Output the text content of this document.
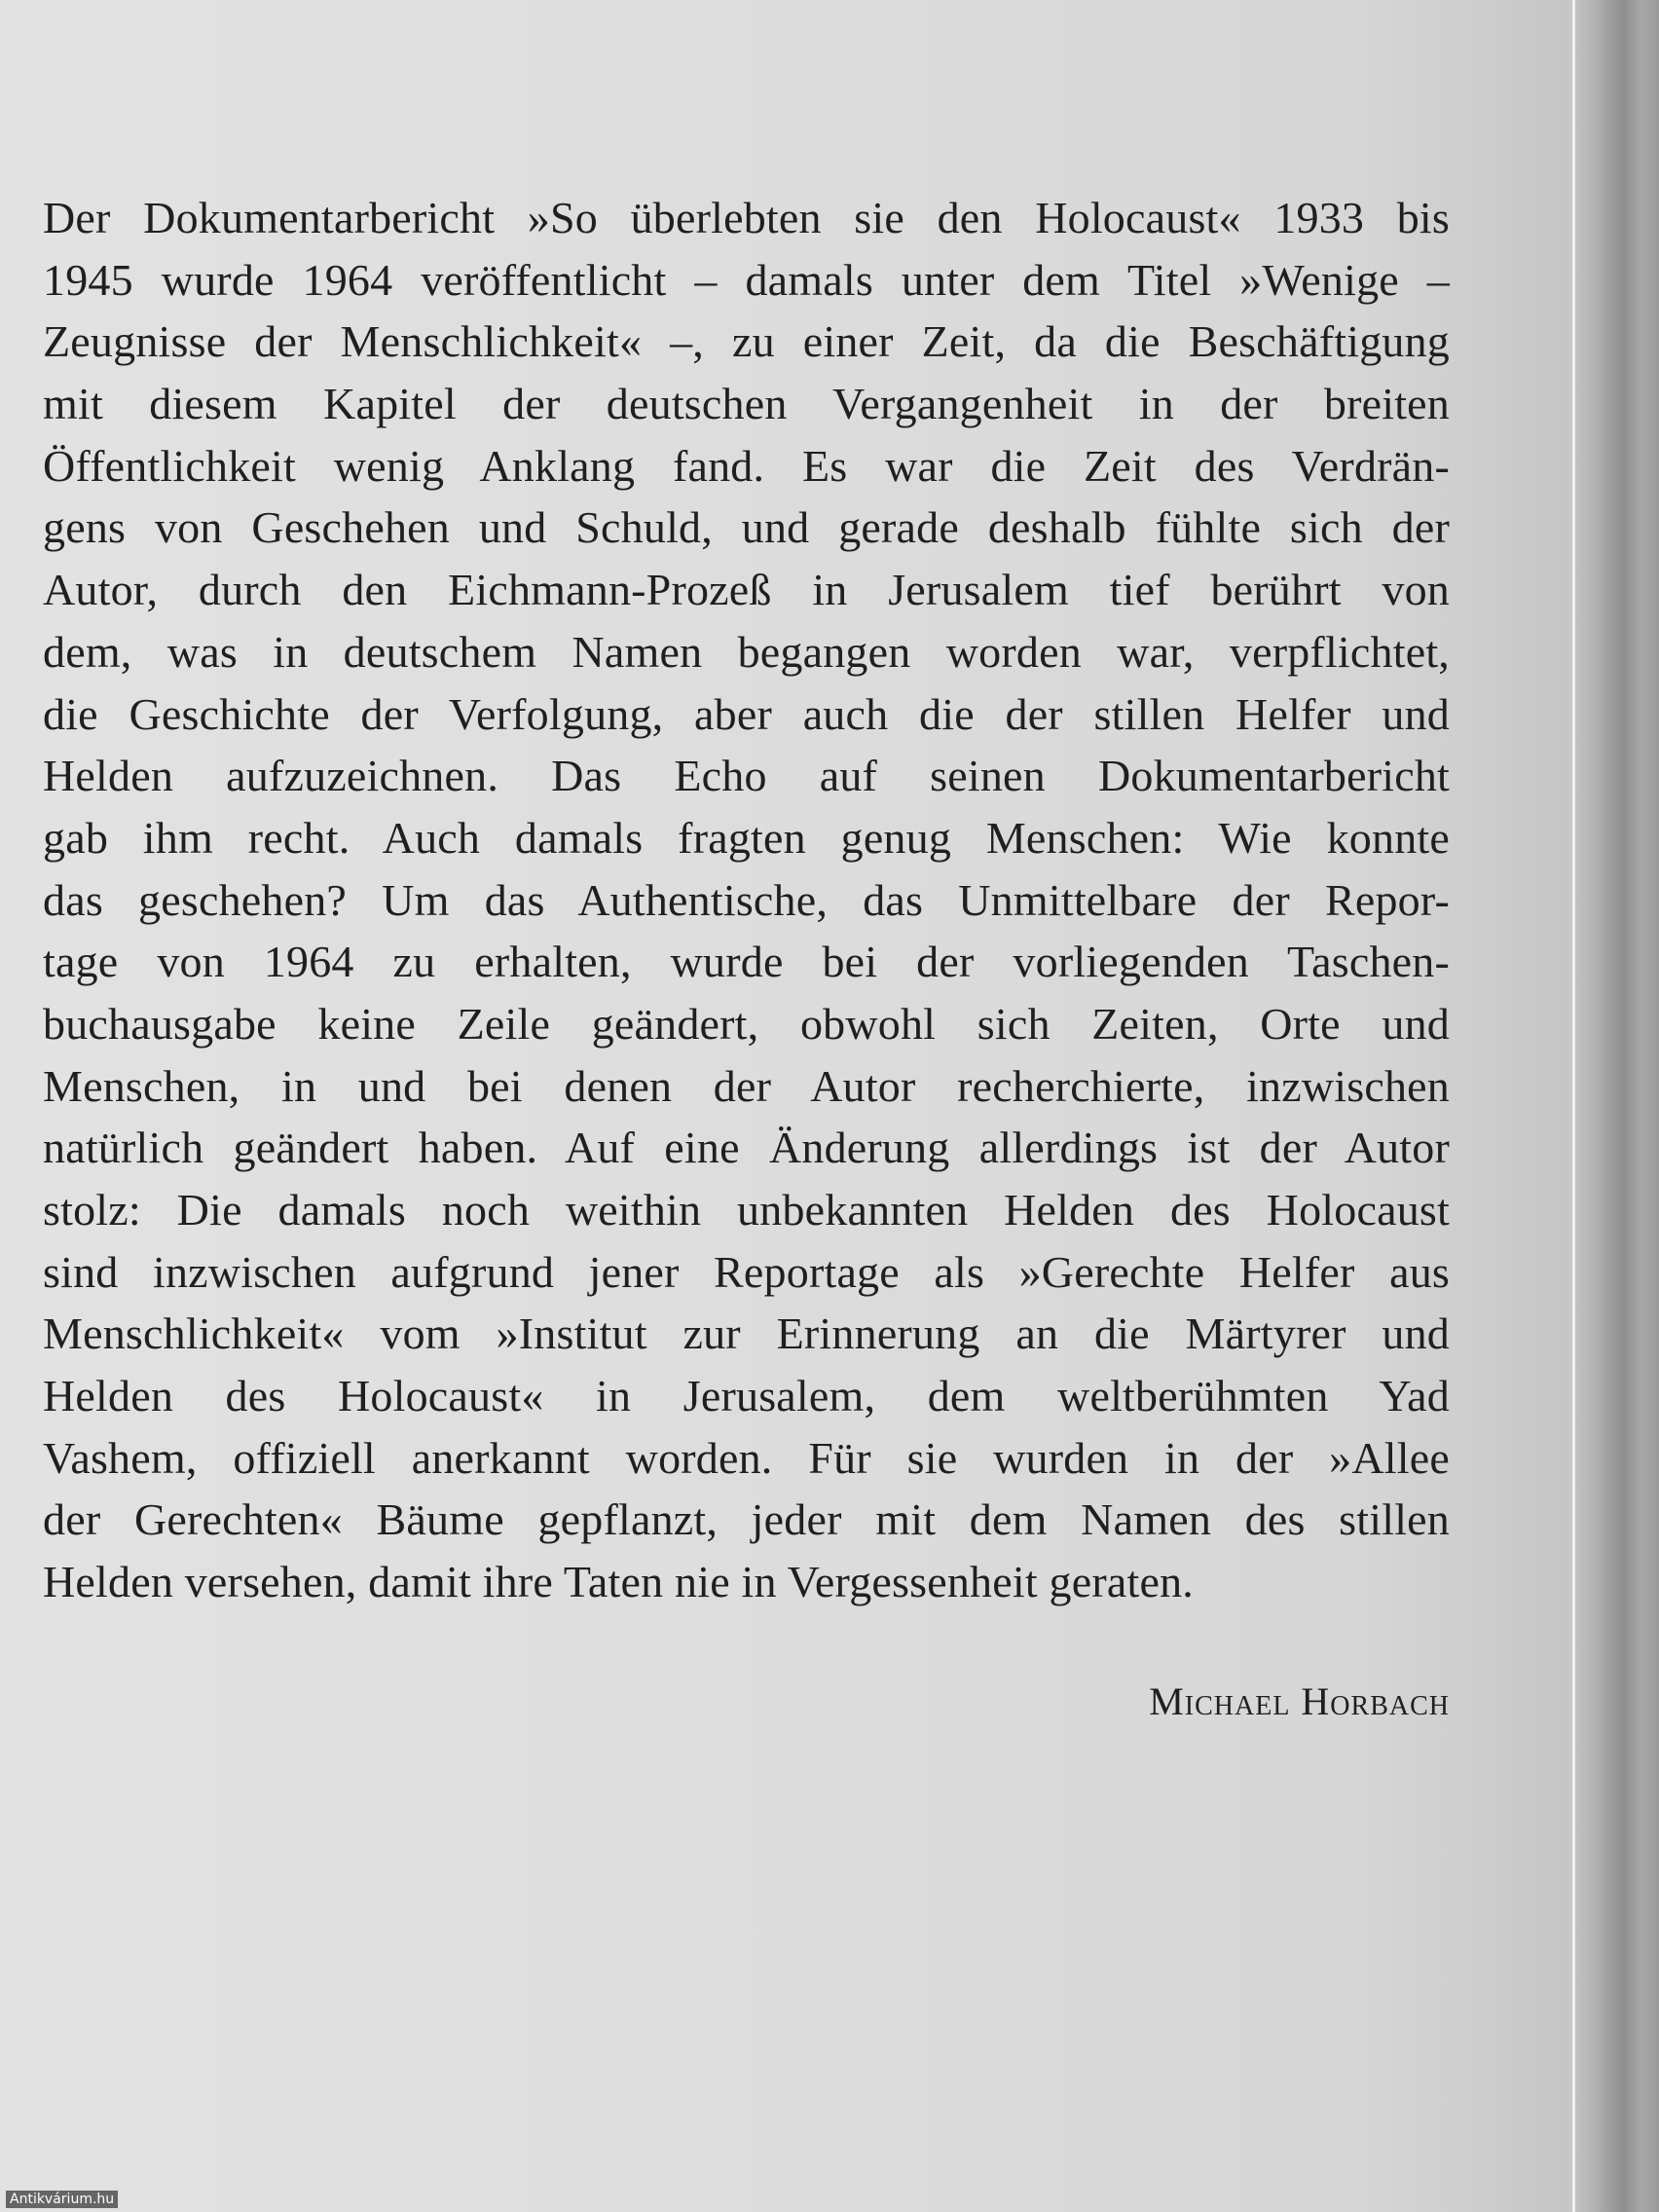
Der Dokumentarbericht »So überlebten sie den Holocaust« 1933 bis
1945 wurde 1964 veröffentlicht – damals unter dem Titel »Wenige –
Zeugnisse der Menschlichkeit« –, zu einer Zeit, da die Beschäftigung
mit diesem Kapitel der deutschen Vergangenheit in der breiten
Öffentlichkeit wenig Anklang fand. Es war die Zeit des Verdrän-
gens von Geschehen und Schuld, und gerade deshalb fühlte sich der
Autor, durch den Eichmann-Prozeß in Jerusalem tief berührt von
dem, was in deutschem Namen begangen worden war, verpflichtet,
die Geschichte der Verfolgung, aber auch die der stillen Helfer und
Helden aufzuzeichnen. Das Echo auf seinen Dokumentarbericht
gab ihm recht. Auch damals fragten genug Menschen: Wie konnte
das geschehen? Um das Authentische, das Unmittelbare der Repor-
tage von 1964 zu erhalten, wurde bei der vorliegenden Taschen-
buchausgabe keine Zeile geändert, obwohl sich Zeiten, Orte und
Menschen, in und bei denen der Autor recherchierte, inzwischen
natürlich geändert haben. Auf eine Änderung allerdings ist der Autor
stolz: Die damals noch weithin unbekannten Helden des Holocaust
sind inzwischen aufgrund jener Reportage als »Gerechte Helfer aus
Menschlichkeit« vom »Institut zur Erinnerung an die Märtyrer und
Helden des Holocaust« in Jerusalem, dem weltberühmten Yad
Vashem, offiziell anerkannt worden. Für sie wurden in der »Allee
der Gerechten« Bäume gepflanzt, jeder mit dem Namen des stillen
Helden versehen, damit ihre Taten nie in Vergessenheit geraten.
Michael Horbach
Antikvárium.hu
